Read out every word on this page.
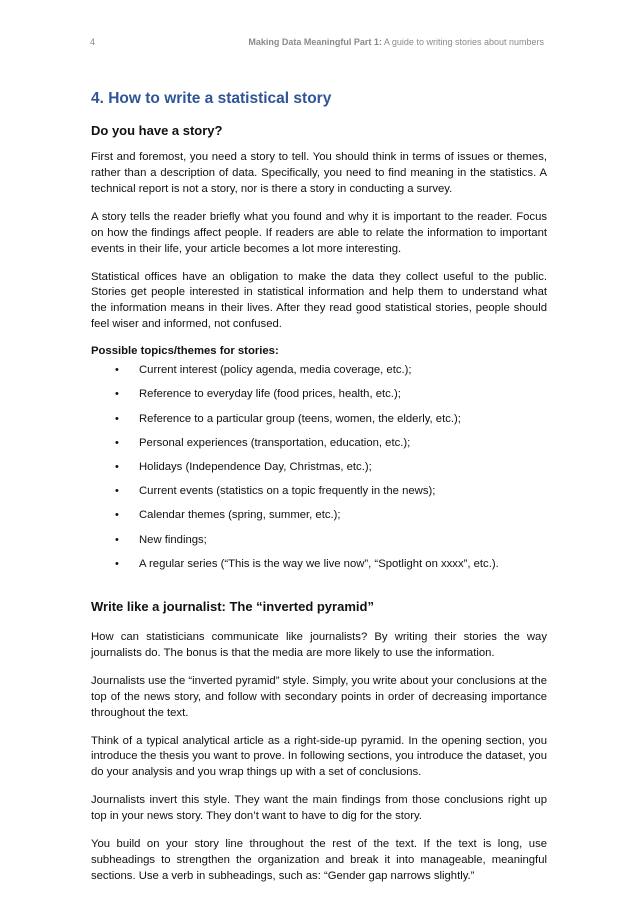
4	Making Data Meaningful Part 1: A guide to writing stories about numbers
4. How to write a statistical story
Do you have a story?

First and foremost, you need a story to tell. You should think in terms of issues or themes, rather than a description of data. Specifically, you need to find meaning in the statistics. A technical report is not a story, nor is there a story in conducting a survey.

A story tells the reader briefly what you found and why it is important to the reader. Focus on how the findings affect people. If readers are able to relate the information to important events in their life, your article becomes a lot more interesting.

Statistical offices have an obligation to make the data they collect useful to the public. Stories get people interested in statistical information and help them to understand what the information means in their lives. After they read good statistical stories, people should feel wiser and informed, not confused.

Possible topics/themes for stories:
• Current interest (policy agenda, media coverage, etc.);
• Reference to everyday life (food prices, health, etc.);
• Reference to a particular group (teens, women, the elderly, etc.);
• Personal experiences (transportation, education, etc.);
• Holidays (Independence Day, Christmas, etc.);
• Current events (statistics on a topic frequently in the news);
• Calendar themes (spring, summer, etc.);
• New findings;
• A regular series (“This is the way we live now”, “Spotlight on xxxx”, etc.).
Write like a journalist: The “inverted pyramid”

How can statisticians communicate like journalists? By writing their stories the way journalists do. The bonus is that the media are more likely to use the information.

Journalists use the “inverted pyramid” style. Simply, you write about your conclusions at the top of the news story, and follow with secondary points in order of decreasing importance throughout the text.

Think of a typical analytical article as a right-side-up pyramid. In the opening section, you introduce the thesis you want to prove. In following sections, you introduce the dataset, you do your analysis and you wrap things up with a set of conclusions.

Journalists invert this style. They want the main findings from those conclusions right up top in your news story. They don’t want to have to dig for the story.

You build on your story line throughout the rest of the text. If the text is long, use subheadings to strengthen the organization and break it into manageable, meaningful sections. Use a verb in subheadings, such as: “Gender gap narrows slightly.”
